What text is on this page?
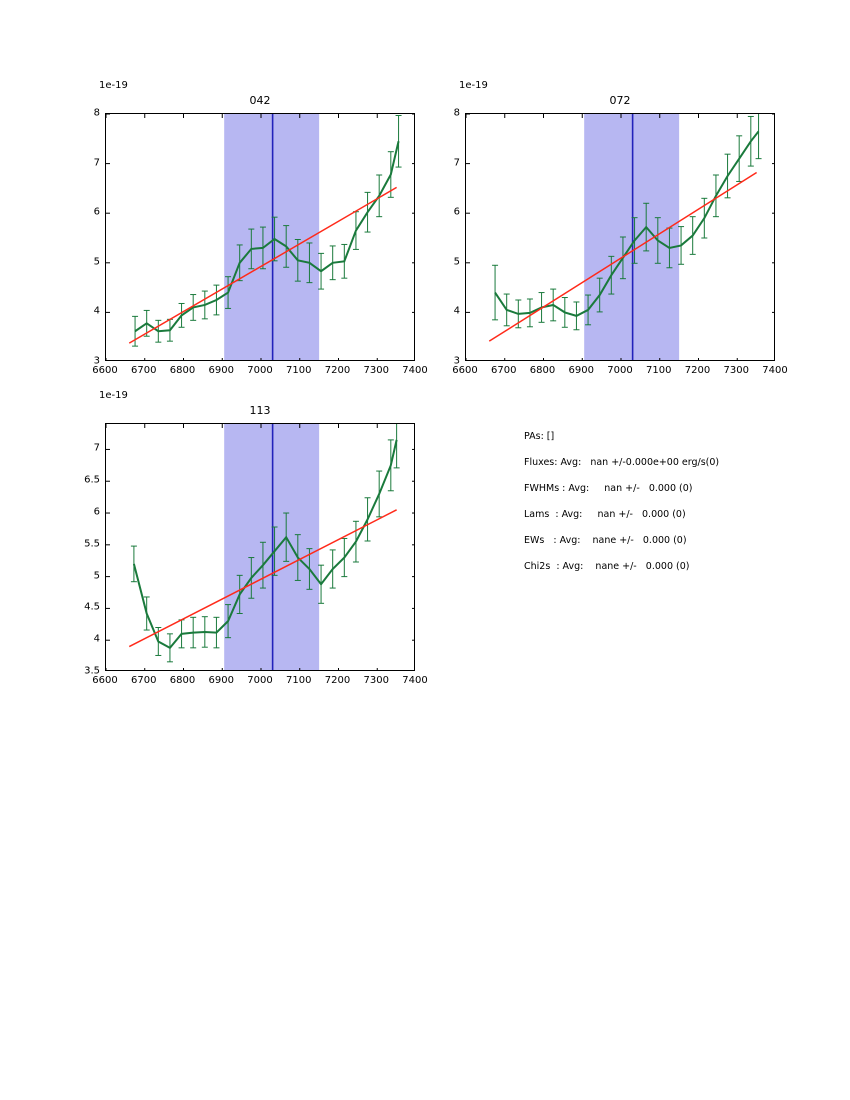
1e-19
042
3
4
5
6
7
8
6600 6700 6800 6900 7000 7100 7200 7300 7400
1e-19
072
3
4
5
6
7
8
6600 6700 6800 6900 7000 7100 7200 7300 7400
1e-19
113
3.5
4
4.5
5
5.5
6
6.5
7
6600 6700 6800 6900 7000 7100 7200 7300 7400
PAs: []
Fluxes: Avg:   nan +/-0.000e+00 erg/s(0)
FWHMs : Avg:     nan +/-   0.000 (0)
Lams  : Avg:     nan +/-   0.000 (0)
EWs   : Avg:    nane +/-   0.000 (0)
Chi2s  : Avg:    nane +/-   0.000 (0)
